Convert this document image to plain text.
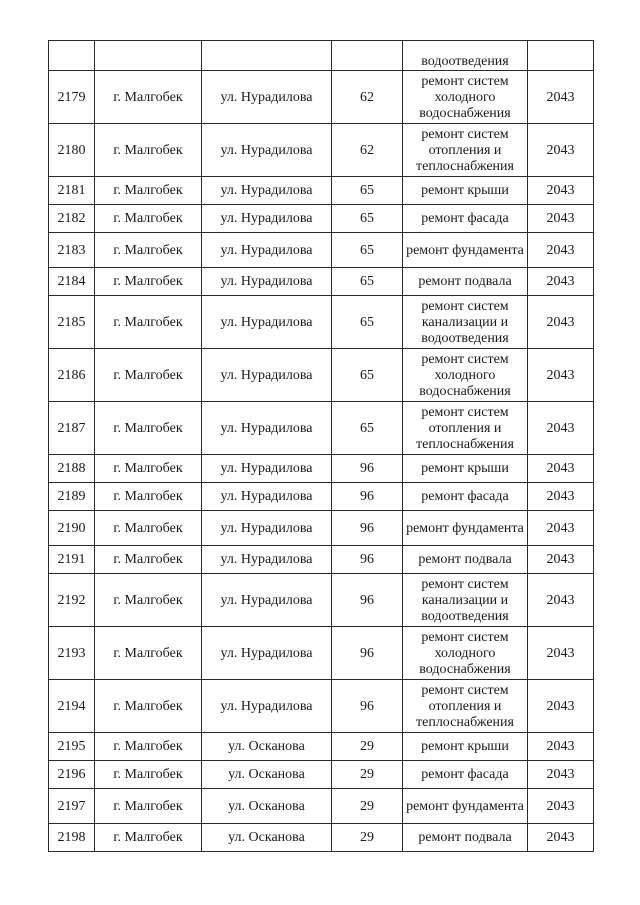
				водоотведения	
2179	г. Малгобек	ул. Нурадилова	62	ремонт систем холодного водоснабжения	2043
2180	г. Малгобек	ул. Нурадилова	62	ремонт систем отопления и теплоснабжения	2043
2181	г. Малгобек	ул. Нурадилова	65	ремонт крыши	2043
2182	г. Малгобек	ул. Нурадилова	65	ремонт фасада	2043
2183	г. Малгобек	ул. Нурадилова	65	ремонт фундамента	2043
2184	г. Малгобек	ул. Нурадилова	65	ремонт подвала	2043
2185	г. Малгобек	ул. Нурадилова	65	ремонт систем канализации и водоотведения	2043
2186	г. Малгобек	ул. Нурадилова	65	ремонт систем холодного водоснабжения	2043
2187	г. Малгобек	ул. Нурадилова	65	ремонт систем отопления и теплоснабжения	2043
2188	г. Малгобек	ул. Нурадилова	96	ремонт крыши	2043
2189	г. Малгобек	ул. Нурадилова	96	ремонт фасада	2043
2190	г. Малгобек	ул. Нурадилова	96	ремонт фундамента	2043
2191	г. Малгобек	ул. Нурадилова	96	ремонт подвала	2043
2192	г. Малгобек	ул. Нурадилова	96	ремонт систем канализации и водоотведения	2043
2193	г. Малгобек	ул. Нурадилова	96	ремонт систем холодного водоснабжения	2043
2194	г. Малгобек	ул. Нурадилова	96	ремонт систем отопления и теплоснабжения	2043
2195	г. Малгобек	ул. Осканова	29	ремонт крыши	2043
2196	г. Малгобек	ул. Осканова	29	ремонт фасада	2043
2197	г. Малгобек	ул. Осканова	29	ремонт фундамента	2043
2198	г. Малгобек	ул. Осканова	29	ремонт подвала	2043
